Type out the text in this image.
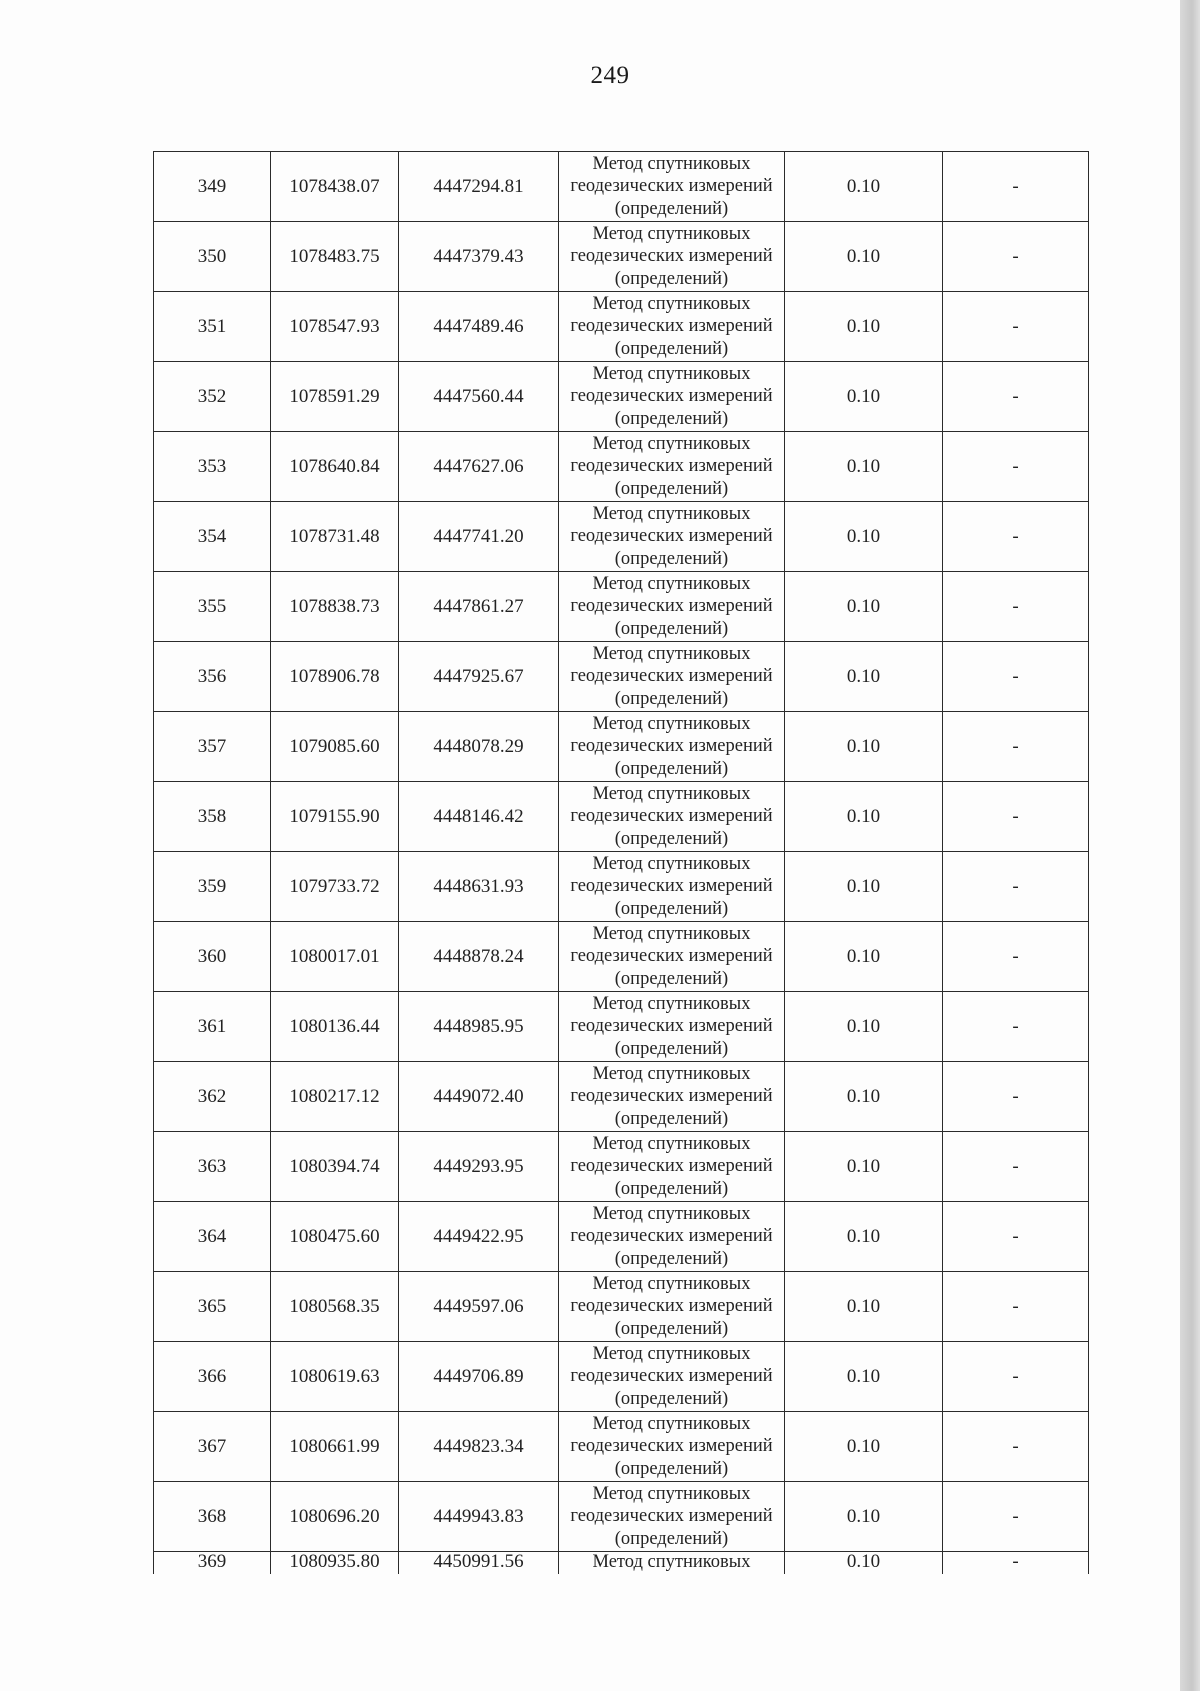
249
349	1078438.07	4447294.81	Метод спутниковых
геодезических измерений
(определений)	0.10	-
350	1078483.75	4447379.43	Метод спутниковых
геодезических измерений
(определений)	0.10	-
351	1078547.93	4447489.46	Метод спутниковых
геодезических измерений
(определений)	0.10	-
352	1078591.29	4447560.44	Метод спутниковых
геодезических измерений
(определений)	0.10	-
353	1078640.84	4447627.06	Метод спутниковых
геодезических измерений
(определений)	0.10	-
354	1078731.48	4447741.20	Метод спутниковых
геодезических измерений
(определений)	0.10	-
355	1078838.73	4447861.27	Метод спутниковых
геодезических измерений
(определений)	0.10	-
356	1078906.78	4447925.67	Метод спутниковых
геодезических измерений
(определений)	0.10	-
357	1079085.60	4448078.29	Метод спутниковых
геодезических измерений
(определений)	0.10	-
358	1079155.90	4448146.42	Метод спутниковых
геодезических измерений
(определений)	0.10	-
359	1079733.72	4448631.93	Метод спутниковых
геодезических измерений
(определений)	0.10	-
360	1080017.01	4448878.24	Метод спутниковых
геодезических измерений
(определений)	0.10	-
361	1080136.44	4448985.95	Метод спутниковых
геодезических измерений
(определений)	0.10	-
362	1080217.12	4449072.40	Метод спутниковых
геодезических измерений
(определений)	0.10	-
363	1080394.74	4449293.95	Метод спутниковых
геодезических измерений
(определений)	0.10	-
364	1080475.60	4449422.95	Метод спутниковых
геодезических измерений
(определений)	0.10	-
365	1080568.35	4449597.06	Метод спутниковых
геодезических измерений
(определений)	0.10	-
366	1080619.63	4449706.89	Метод спутниковых
геодезических измерений
(определений)	0.10	-
367	1080661.99	4449823.34	Метод спутниковых
геодезических измерений
(определений)	0.10	-
368	1080696.20	4449943.83	Метод спутниковых
геодезических измерений
(определений)	0.10	-
369	1080935.80	4450991.56	Метод спутниковых	0.10	-
